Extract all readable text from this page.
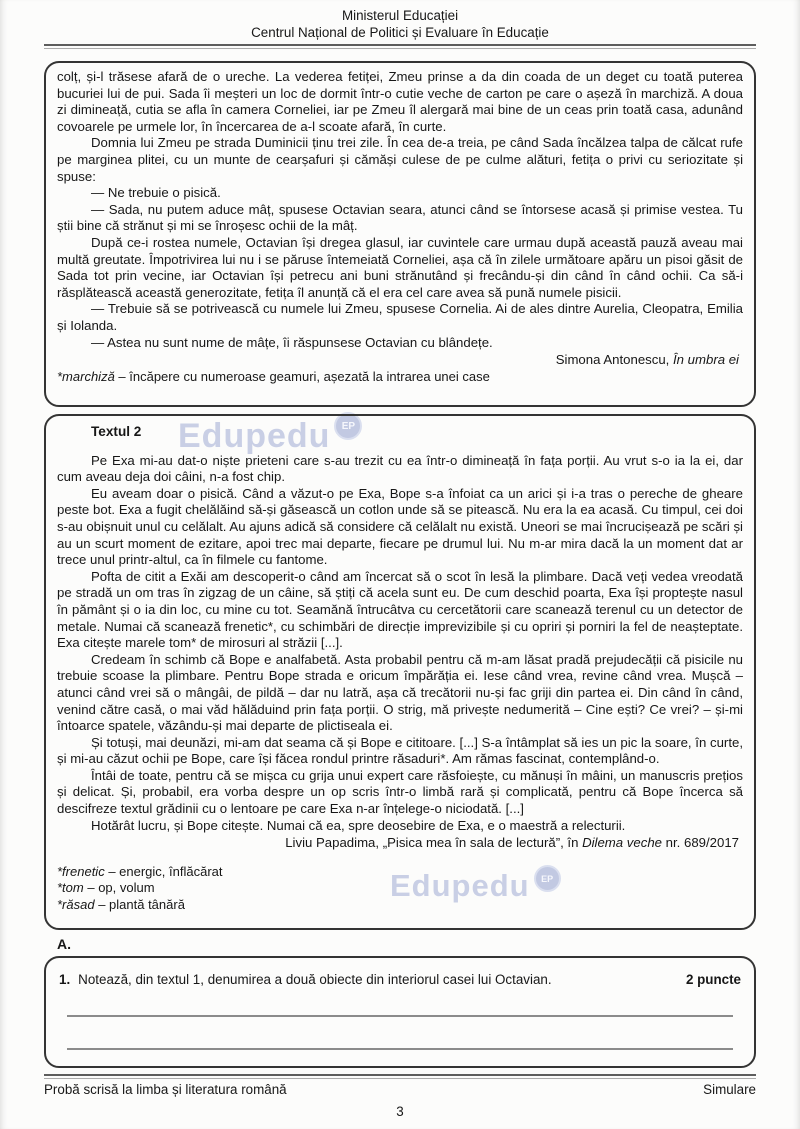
Edupedu	EP
Edupedu	EP
Ministerul Educației
Centrul Național de Politici și Evaluare în Educație

colț, și-l trăsese afară de o ureche. La vederea fetiței, Zmeu prinse a da din coada de un deget cu toată puterea bucuriei lui de pui. Sada îi meșteri un loc de dormit într-o cutie veche de carton pe care o așeză în marchiză. A doua zi dimineață, cutia se afla în camera Corneliei, iar pe Zmeu îl alergară mai bine de un ceas prin toată casa, adunând covoarele pe urmele lor, în încercarea de a-l scoate afară, în curte.

Domnia lui Zmeu pe strada Duminicii ținu trei zile. În cea de-a treia, pe când Sada încălzea talpa de călcat rufe pe marginea plitei, cu un munte de cearșafuri și cămăși culese de pe culme alături, fetița o privi cu seriozitate și spuse:

— Ne trebuie o pisică.

— Sada, nu putem aduce mâț, spusese Octavian seara, atunci când se întorsese acasă și primise vestea. Tu știi bine că strănut și mi se înroșesc ochii de la mâț.

După ce-i rostea numele, Octavian își dregea glasul, iar cuvintele care urmau după această pauză aveau mai multă greutate. Împotrivirea lui nu i se păruse întemeiată Corneliei, așa că în zilele următoare apăru un pisoi găsit de Sada tot prin vecine, iar Octavian își petrecu ani buni strănutând și frecându-și din când în când ochii. Ca să-i răsplătească această generozitate, fetița îl anunță că el era cel care avea să pună numele pisicii.

— Trebuie să se potrivească cu numele lui Zmeu, spusese Cornelia. Ai de ales dintre Aurelia, Cleopatra, Emilia și Iolanda.

— Astea nu sunt nume de mâțe, îi răspunsese Octavian cu blândețe.

Simona Antonescu, În umbra ei
*marchiză – încăpere cu numeroase geamuri, așezată la intrarea unei case
Textul 2

Pe Exa mi-au dat-o niște prieteni care s-au trezit cu ea într-o dimineață în fața porții. Au vrut s-o ia la ei, dar cum aveau deja doi câini, n-a fost chip.

Eu aveam doar o pisică. Când a văzut-o pe Exa, Bope s-a înfoiat ca un arici și i-a tras o pereche de gheare peste bot. Exa a fugit chelălăind să-și găsească un cotlon unde să se pitească. Nu era la ea acasă. Cu timpul, cei doi s-au obișnuit unul cu celălalt. Au ajuns adică să considere că celălalt nu există. Uneori se mai încrucișează pe scări și au un scurt moment de ezitare, apoi trec mai departe, fiecare pe drumul lui. Nu m-ar mira dacă la un moment dat ar trece unul printr-altul, ca în filmele cu fantome.

Pofta de citit a Exăi am descoperit-o când am încercat să o scot în lesă la plimbare. Dacă veți vedea vreodată pe stradă un om tras în zigzag de un câine, să știți că acela sunt eu. De cum deschid poarta, Exa își proptește nasul în pământ și o ia din loc, cu mine cu tot. Seamănă întrucâtva cu cercetătorii care scanează terenul cu un detector de metale. Numai că scanează frenetic*, cu schimbări de direcție imprevizibile și cu opriri și porniri la fel de neașteptate. Exa citește marele tom* de mirosuri al străzii [...].

Credeam în schimb că Bope e analfabetă. Asta probabil pentru că m-am lăsat pradă prejudecății că pisicile nu trebuie scoase la plimbare. Pentru Bope strada e oricum împărăția ei. Iese când vrea, revine când vrea. Mușcă – atunci când vrei să o mângâi, de pildă – dar nu latră, așa că trecătorii nu-și fac griji din partea ei. Din când în când, venind către casă, o mai văd hălăduind prin fața porții. O strig, mă privește nedumerită – Cine ești? Ce vrei? – și-mi întoarce spatele, văzându-și mai departe de plictiseala ei.

Și totuși, mai deunăzi, mi-am dat seama că și Bope e cititoare. [...] S-a întâmplat să ies un pic la soare, în curte, și mi-au căzut ochii pe Bope, care își făcea rondul printre răsaduri*. Am rămas fascinat, contemplând-o.

Întâi de toate, pentru că se mișca cu grija unui expert care răsfoiește, cu mănuși în mâini, un manuscris prețios și delicat. Și, probabil, era vorba despre un op scris într-o limbă rară și complicată, pentru că Bope încerca să descifreze textul grădinii cu o lentoare pe care Exa n-ar înțelege-o niciodată. [...]

Hotărât lucru, și Bope citește. Numai că ea, spre deosebire de Exa, e o maestră a relecturii.

Liviu Papadima, „Pisica mea în sala de lectură”, în Dilema veche nr. 689/2017
*frenetic – energic, înflăcărat
*tom – op, volum
*răsad – plantă tânără
A.
1. Notează, din textul 1, denumirea a două obiecte din interiorul casei lui Octavian.	2 puncte
Probă scrisă la limba și literatura română	Simulare
3
